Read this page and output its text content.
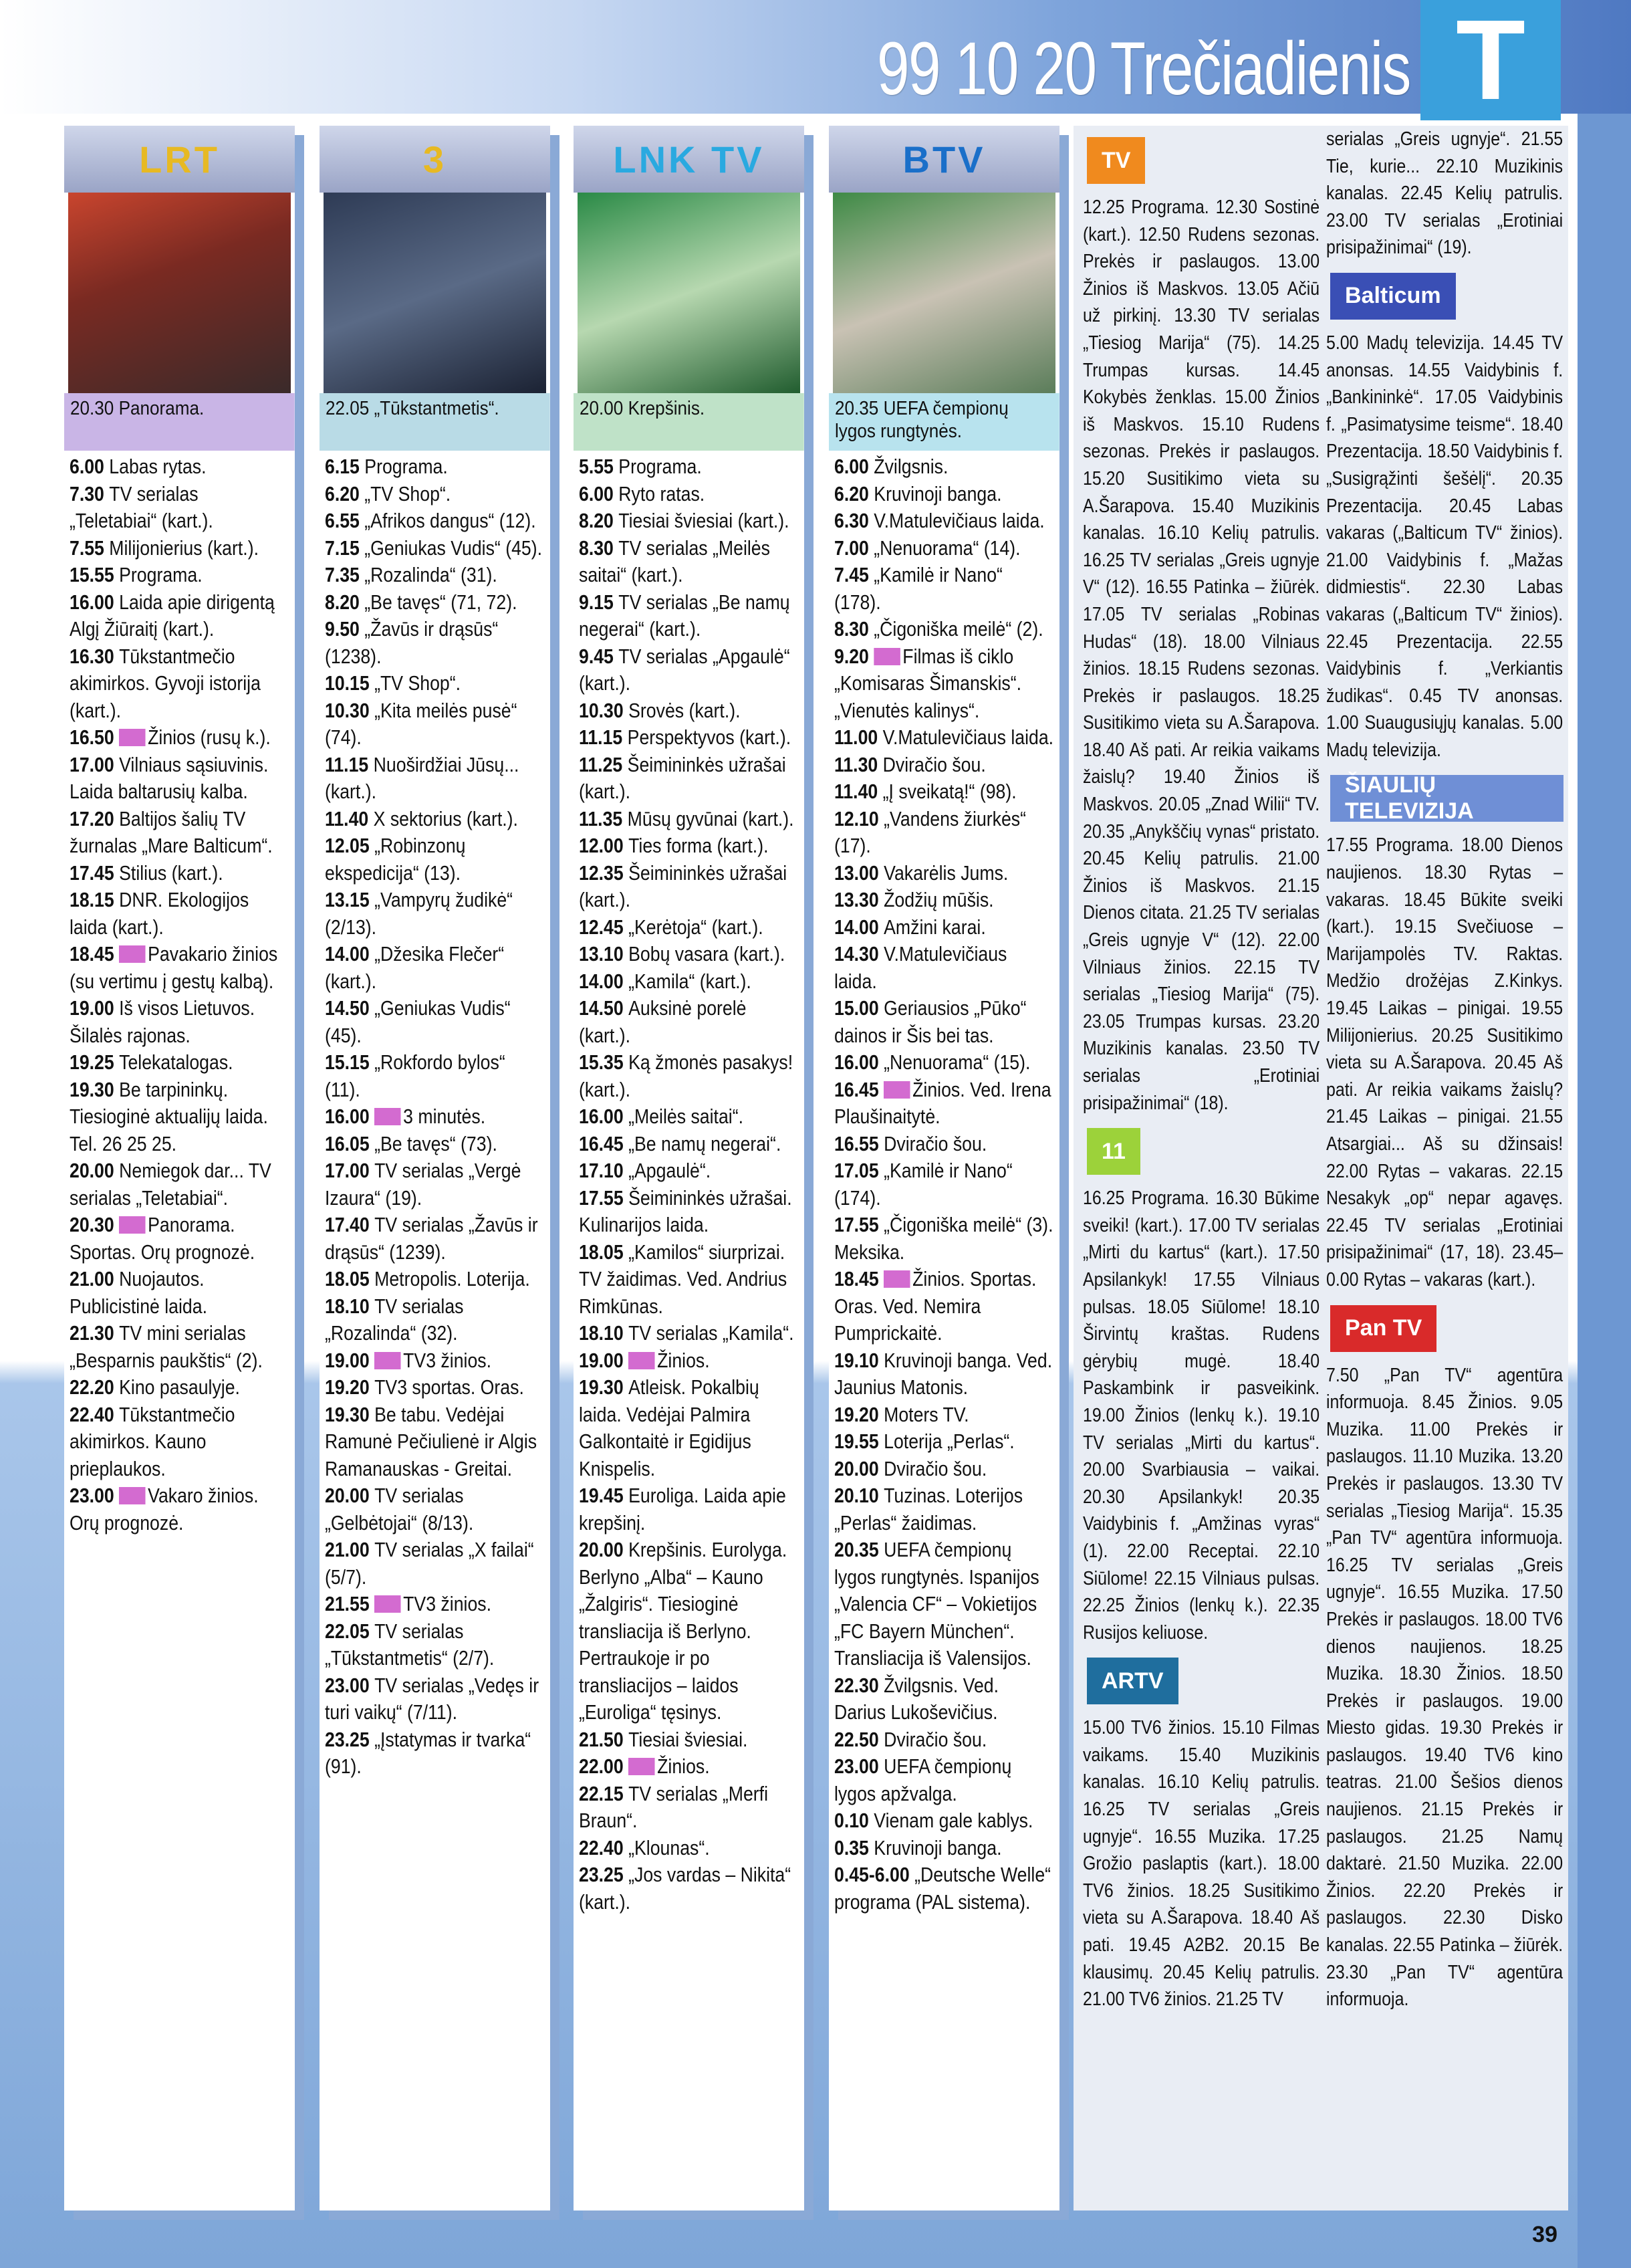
99 10 20 Trečiadienis T
LRT
20.30 Panorama.
6.00 Labas rytas.
7.30 TV serialas „Teletabiai“ (kart.).
7.55 Milijonierius (kart.).
15.55 Programa.
16.00 Laida apie dirigentą Algį Žiūraitį (kart.).
16.30 Tūkstantmečio akimirkos. Gyvoji istorija (kart.).
16.50 Žinios (rusų k.).
17.00 Vilniaus sąsiuvinis. Laida baltarusių kalba.
17.20 Baltijos šalių TV žurnalas „Mare Balticum“.
17.45 Stilius (kart.).
18.15 DNR. Ekologijos laida (kart.).
18.45 Pavakario žinios (su vertimu į gestų kalbą).
19.00 Iš visos Lietuvos. Šilalės rajonas.
19.25 Telekatalogas.
19.30 Be tarpininkų. Tiesioginė aktualijų laida. Tel. 26 25 25.
20.00 Nemiegok dar... TV serialas „Teletabiai“.
20.30 Panorama. Sportas. Orų prognozė.
21.00 Nuojautos. Publicistinė laida.
21.30 TV mini serialas „Besparnis paukštis“ (2).
22.20 Kino pasaulyje.
22.40 Tūkstantmečio akimirkos. Kauno prieplaukos.
23.00 Vakaro žinios. Orų prognozė.
3
22.05 „Tūkstantmetis“.
6.15 Programa.
6.20 „TV Shop“.
6.55 „Afrikos dangus“ (12).
7.15 „Geniukas Vudis“ (45).
7.35 „Rozalinda“ (31).
8.20 „Be tavęs“ (71, 72).
9.50 „Žavūs ir drąsūs“ (1238).
10.15 „TV Shop“.
10.30 „Kita meilės pusė“ (74).
11.15 Nuoširdžiai Jūsų... (kart.).
11.40 X sektorius (kart.).
12.05 „Robinzonų ekspedicija“ (13).
13.15 „Vampyrų žudikė“ (2/13).
14.00 „Džesika Flečer“ (kart.).
14.50 „Geniukas Vudis“ (45).
15.15 „Rokfordo bylos“ (11).
16.00 3 minutės.
16.05 „Be tavęs“ (73).
17.00 TV serialas „Vergė Izaura“ (19).
17.40 TV serialas „Žavūs ir drąsūs“ (1239).
18.05 Metropolis. Loterija.
18.10 TV serialas „Rozalinda“ (32).
19.00 TV3 žinios.
19.20 TV3 sportas. Oras.
19.30 Be tabu. Vedėjai Ramunė Pečiulienė ir Algis Ramanauskas - Greitai.
20.00 TV serialas „Gelbėtojai“ (8/13).
21.00 TV serialas „X failai“ (5/7).
21.55 TV3 žinios.
22.05 TV serialas „Tūkstantmetis“ (2/7).
23.00 TV serialas „Vedęs ir turi vaikų“ (7/11).
23.25 „Įstatymas ir tvarka“ (91).
LNK TV
20.00 Krepšinis.
5.55 Programa.
6.00 Ryto ratas.
8.20 Tiesiai šviesiai (kart.).
8.30 TV serialas „Meilės saitai“ (kart.).
9.15 TV serialas „Be namų negerai“ (kart.).
9.45 TV serialas „Apgaulė“ (kart.).
10.30 Srovės (kart.).
11.15 Perspektyvos (kart.).
11.25 Šeimininkės užrašai (kart.).
11.35 Mūsų gyvūnai (kart.).
12.00 Ties forma (kart.).
12.35 Šeimininkės užrašai (kart.).
12.45 „Kerėtoja“ (kart.).
13.10 Bobų vasara (kart.).
14.00 „Kamila“ (kart.).
14.50 Auksinė porelė (kart.).
15.35 Ką žmonės pasakys! (kart.).
16.00 „Meilės saitai“.
16.45 „Be namų negerai“.
17.10 „Apgaulė“.
17.55 Šeimininkės užrašai. Kulinarijos laida.
18.05 „Kamilos“ siurprizai. TV žaidimas. Ved. Andrius Rimkūnas.
18.10 TV serialas „Kamila“.
19.00 Žinios.
19.30 Atleisk. Pokalbių laida. Vedėjai Palmira Galkontaitė ir Egidijus Knispelis.
19.45 Euroliga. Laida apie krepšinį.
20.00 Krepšinis. Eurolyga. Berlyno „Alba“ – Kauno „Žalgiris“. Tiesioginė transliacija iš Berlyno. Pertraukoje ir po transliacijos – laidos „Euroliga“ tęsinys.
21.50 Tiesiai šviesiai.
22.00 Žinios.
22.15 TV serialas „Merfi Braun“.
22.40 „Klounas“.
23.25 „Jos vardas – Nikita“ (kart.).
BTV
20.35 UEFA čempionų lygos rungtynės.
6.00 Žvilgsnis.
6.20 Kruvinoji banga.
6.30 V.Matulevičiaus laida.
7.00 „Nenuorama“ (14).
7.45 „Kamilė ir Nano“ (178).
8.30 „Čigoniška meilė“ (2).
9.20 Filmas iš ciklo „Komisaras Šimanskis“. „Vienutės kalinys“.
11.00 V.Matulevičiaus laida.
11.30 Dviračio šou.
11.40 „Į sveikatą!“ (98).
12.10 „Vandens žiurkės“ (17).
13.00 Vakarėlis Jums.
13.30 Žodžių mūšis.
14.00 Amžini karai.
14.30 V.Matulevičiaus laida.
15.00 Geriausios „Pūko“ dainos ir Šis bei tas.
16.00 „Nenuorama“ (15).
16.45 Žinios. Ved. Irena Plaušinaitytė.
16.55 Dviračio šou.
17.05 „Kamilė ir Nano“ (174).
17.55 „Čigoniška meilė“ (3). Meksika.
18.45 Žinios. Sportas. Oras. Ved. Nemira Pumprickaitė.
19.10 Kruvinoji banga. Ved. Jaunius Matonis.
19.20 Moters TV.
19.55 Loterija „Perlas“.
20.00 Dviračio šou.
20.10 Tuzinas. Loterijos „Perlas“ žaidimas.
20.35 UEFA čempionų lygos rungtynės. Ispanijos „Valencia CF“ – Vokietijos „FC Bayern München“. Transliacija iš Valensijos.
22.30 Žvilgsnis. Ved. Darius Lukoševičius.
22.50 Dviračio šou.
23.00 UEFA čempionų lygos apžvalga.
0.10 Vienam gale kablys.
0.35 Kruvinoji banga.
0.45-6.00 „Deutsche Welle“ programa (PAL sistema).
TV
12.25 Programa. 12.30 Sostinė (kart.). 12.50 Rudens sezonas. Prekės ir paslaugos. 13.00 Žinios iš Maskvos. 13.05 Ačiū už pirkinį. 13.30 TV serialas „Tiesiog Marija“ (75). 14.25 Trumpas kursas. 14.45 Kokybės ženklas. 15.00 Žinios iš Maskvos. 15.10 Rudens sezonas. Prekės ir paslaugos. 15.20 Susitikimo vieta su A.Šarapova. 15.40 Muzikinis kanalas. 16.10 Kelių patrulis. 16.25 TV serialas „Greis ugnyje V“ (12). 16.55 Patinka – žiūrėk. 17.05 TV serialas „Robinas Hudas“ (18). 18.00 Vilniaus žinios. 18.15 Rudens sezonas. Prekės ir paslaugos. 18.25 Susitikimo vieta su A.Šarapova. 18.40 Aš pati. Ar reikia vaikams žaislų? 19.40 Žinios iš Maskvos. 20.05 „Znad Wilii“ TV. 20.35 „Anykščių vynas“ pristato. 20.45 Kelių patrulis. 21.00 Žinios iš Maskvos. 21.15 Dienos citata. 21.25 TV serialas „Greis ugnyje V“ (12). 22.00 Vilniaus žinios. 22.15 TV serialas „Tiesiog Marija“ (75). 23.05 Trumpas kursas. 23.20 Muzikinis kanalas. 23.50 TV serialas „Erotiniai prisipažinimai“ (18).
11
16.25 Programa. 16.30 Būkime sveiki! (kart.). 17.00 TV serialas „Mirti du kartus“ (kart.). 17.50 Apsilankyk! 17.55 Vilniaus pulsas. 18.05 Siūlome! 18.10 Širvintų kraštas. Rudens gėrybių mugė. 18.40 Paskambink ir pasveikink. 19.00 Žinios (lenkų k.). 19.10 TV serialas „Mirti du kartus“. 20.00 Svarbiausia – vaikai. 20.30 Apsilankyk! 20.35 Vaidybinis f. „Amžinas vyras“ (1). 22.00 Receptai. 22.10 Siūlome! 22.15 Vilniaus pulsas. 22.25 Žinios (lenkų k.). 22.35 Rusijos keliuose.
ARTV
15.00 TV6 žinios. 15.10 Filmas vaikams. 15.40 Muzikinis kanalas. 16.10 Kelių patrulis. 16.25 TV serialas „Greis ugnyje“. 16.55 Muzika. 17.25 Grožio paslaptis (kart.). 18.00 TV6 žinios. 18.25 Susitikimo vieta su A.Šarapova. 18.40 Aš pati. 19.45 A2B2. 20.15 Be klausimų. 20.45 Kelių patrulis. 21.00 TV6 žinios. 21.25 TV
serialas „Greis ugnyje“. 21.55 Tie, kurie... 22.10 Muzikinis kanalas. 22.45 Kelių patrulis. 23.00 TV serialas „Erotiniai prisipažinimai“ (19).
Balticum
5.00 Madų televizija. 14.45 TV anonsas. 14.55 Vaidybinis f. „Bankininkė“. 17.05 Vaidybinis f. „Pasimatysime teisme“. 18.40 Prezentacija. 18.50 Vaidybinis f. „Susigrąžinti šešėlį“. 20.35 Prezentacija. 20.45 Labas vakaras („Balticum TV“ žinios). 21.00 Vaidybinis f. „Mažas didmiestis“. 22.30 Labas vakaras („Balticum TV“ žinios). 22.45 Prezentacija. 22.55 Vaidybinis f. „Verkiantis žudikas“. 0.45 TV anonsas. 1.00 Suaugusiųjų kanalas. 5.00 Madų televizija.
ŠIAULIŲ TELEVIZIJA
17.55 Programa. 18.00 Dienos naujienos. 18.30 Rytas – vakaras. 18.45 Būkite sveiki (kart.). 19.15 Svečiuose – Marijampolės TV. Raktas. Medžio drožėjas Z.Kinkys. 19.45 Laikas – pinigai. 19.55 Milijonierius. 20.25 Susitikimo vieta su A.Šarapova. 20.45 Aš pati. Ar reikia vaikams žaislų? 21.45 Laikas – pinigai. 21.55 Atsargiai... Aš su džinsais! 22.00 Rytas – vakaras. 22.15 Nesakyk „op“ nepar agavęs. 22.45 TV serialas „Erotiniai prisipažinimai“ (17, 18). 23.45–0.00 Rytas – vakaras (kart.).
Pan TV
7.50 „Pan TV“ agentūra informuoja. 8.45 Žinios. 9.05 Muzika. 11.00 Prekės ir paslaugos. 11.10 Muzika. 13.20 Prekės ir paslaugos. 13.30 TV serialas „Tiesiog Marija“. 15.35 „Pan TV“ agentūra informuoja. 16.25 TV serialas „Greis ugnyje“. 16.55 Muzika. 17.50 Prekės ir paslaugos. 18.00 TV6 dienos naujienos. 18.25 Muzika. 18.30 Žinios. 18.50 Prekės ir paslaugos. 19.00 Miesto gidas. 19.30 Prekės ir paslaugos. 19.40 TV6 kino teatras. 21.00 Šešios dienos naujienos. 21.15 Prekės ir paslaugos. 21.25 Namų daktarė. 21.50 Muzika. 22.00 Žinios. 22.20 Prekės ir paslaugos. 22.30 Disko kanalas. 22.55 Patinka – žiūrėk. 23.30 „Pan TV“ agentūra informuoja.
39
